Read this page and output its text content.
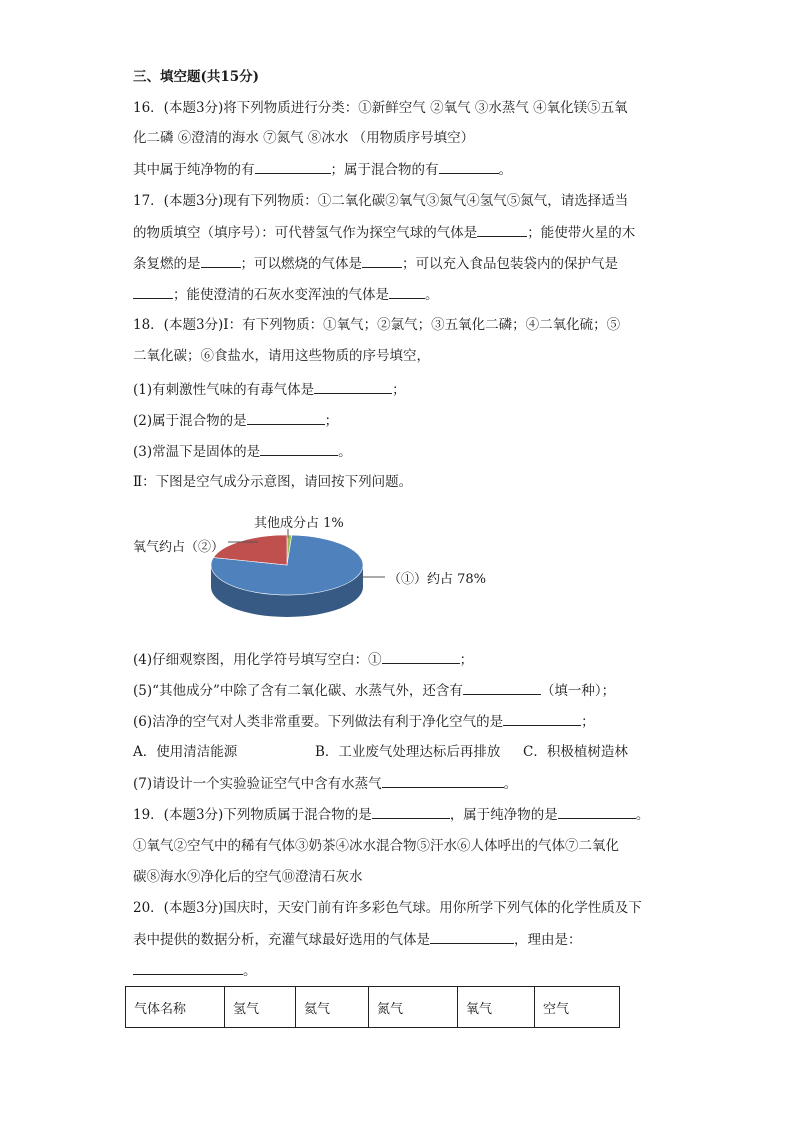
三、填空题(共15分)
16．(本题3分)将下列物质进行分类：①新鲜空气 ②氧气 ③水蒸气 ④氧化镁⑤五氧
化二磷 ⑥澄清的海水 ⑦氮气 ⑧冰水 （用物质序号填空）
其中属于纯净物的有	；属于混合物的有	。
17．(本题3分)现有下列物质：①二氧化碳②氧气③氮气④氢气⑤氮气，请选择适当
的物质填空（填序号）：可代替氢气作为探空气球的气体是	；能使带火星的木
条复燃的是	；可以燃烧的气体是	；可以充入食品包装袋内的保护气是
；能使澄清的石灰水变浑浊的气体是	。
18．(本题3分)Ⅰ：有下列物质：①氧气；②氯气；③五氧化二磷；④二氧化硫；⑤
二氧化碳；⑥食盐水，请用这些物质的序号填空，
(1)有刺激性气味的有毒气体是	；
(2)属于混合物的是	；
(3)常温下是固体的是	。
Ⅱ：下图是空气成分示意图，请回按下列问题。
其他成分占 1%
氧气约占（②）
（①）约占 78%
(4)仔细观察图，用化学符号填写空白：①	；
(5)“其他成分”中除了含有二氧化碳、水蒸气外，还含有	（填一种）；
(6)洁净的空气对人类非常重要。下列做法有利于净化空气的是	；
A．使用清洁能源	B．工业废气处理达标后再排放 C．积极植树造林
(7)请设计一个实验验证空气中含有水蒸气	。
19．(本题3分)下列物质属于混合物的是	，属于纯净物的是	。
①氧气②空气中的稀有气体③奶茶④冰水混合物⑤汗水⑥人体呼出的气体⑦二氧化
碳⑧海水⑨净化后的空气⑩澄清石灰水
20．(本题3分)国庆时，天安门前有许多彩色气球。用你所学下列气体的化学性质及下
表中提供的数据分析，充灌气球最好选用的气体是	，理由是：
。
气体名称	氢气	氦气	氮气	氧气	空气
